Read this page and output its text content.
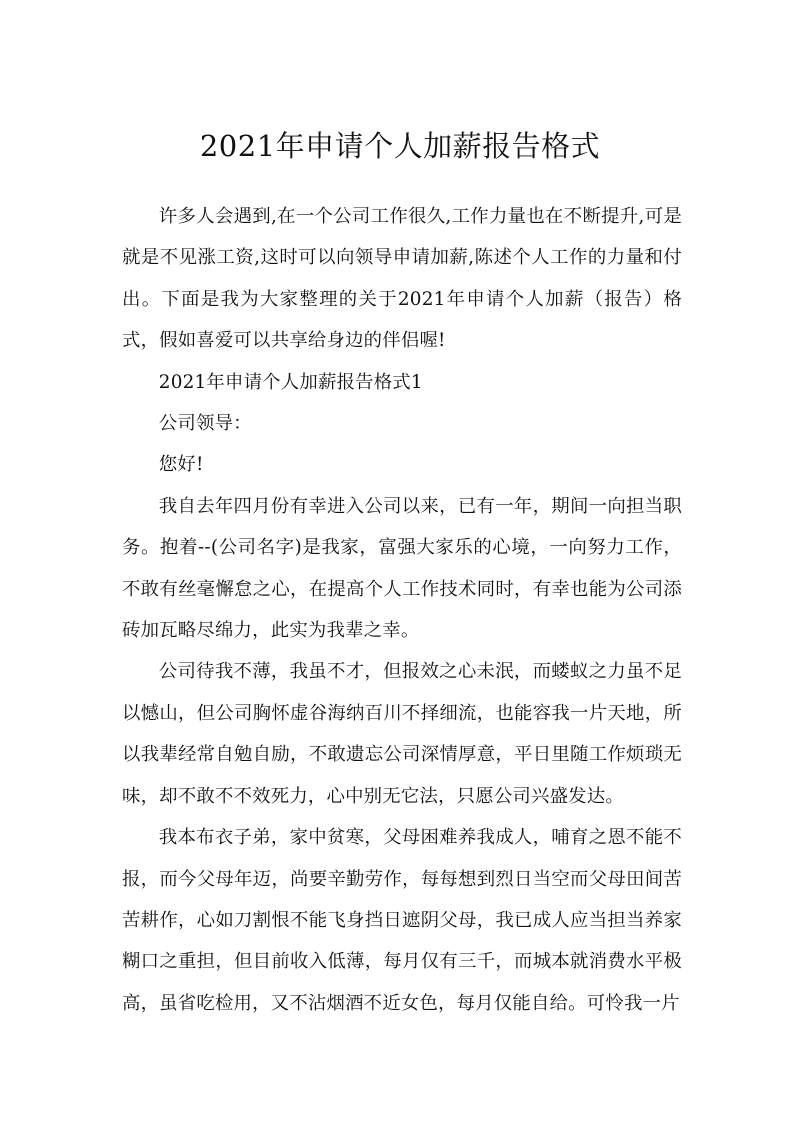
2021年申请个人加薪报告格式

许多人会遇到,在一个公司工作很久,工作力量也在不断提升,可是就是不见涨工资,这时可以向领导申请加薪,陈述个人工作的力量和付出。下面是我为大家整理的关于2021年申请个人加薪（报告）格式，假如喜爱可以共享给身边的伴侣喔!

2021年申请个人加薪报告格式1

公司领导：

您好!

我自去年四月份有幸进入公司以来，已有一年，期间一向担当职务。抱着--(公司名字)是我家，富强大家乐的心境，一向努力工作，不敢有丝毫懈怠之心，在提高个人工作技术同时，有幸也能为公司添砖加瓦略尽绵力，此实为我辈之幸。

公司待我不薄，我虽不才，但报效之心未泯，而蝼蚁之力虽不足以憾山，但公司胸怀虚谷海纳百川不择细流，也能容我一片天地，所以我辈经常自勉自励，不敢遗忘公司深情厚意，平日里随工作烦琐无味，却不敢不不效死力，心中别无它法，只愿公司兴盛发达。

我本布衣子弟，家中贫寒，父母困难养我成人，哺育之恩不能不报，而今父母年迈，尚要辛勤劳作，每每想到烈日当空而父母田间苦苦耕作，心如刀割恨不能飞身挡日遮阴父母，我已成人应当担当养家糊口之重担，但目前收入低薄，每月仅有三千，而城本就消费水平极高，虽省吃检用，又不沾烟酒不近女色，每月仅能自给。可怜我一片
